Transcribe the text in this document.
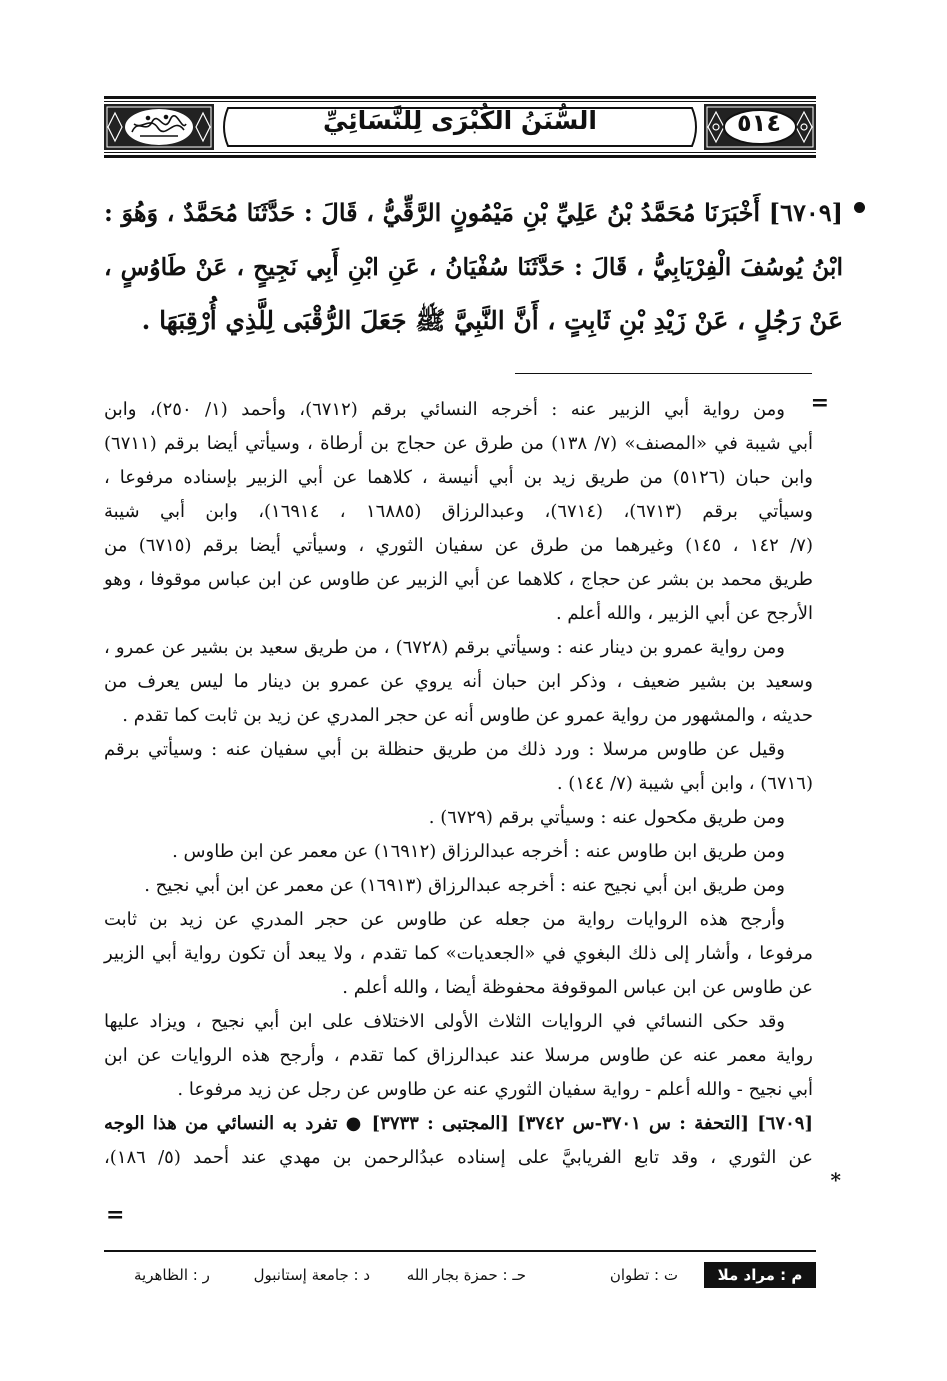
٥١٤
السُّنَنُ الكُبْرَى لِلنَّسَائِيِّ
[٦٧٠٩] أَخْبَرَنَا مُحَمَّدُ بْنُ عَلِيِّ بْنِ مَيْمُونٍ الرَّقِّيُّ ، قَالَ : حَدَّثَنَا مُحَمَّدٌ ، وَهُوَ :
ابْنُ يُوسُفَ الْفِرْيَابِيُّ ، قَالَ : حَدَّثَنَا سُفْيَانُ ، عَنِ ابْنِ أَبِي نَجِيحٍ ، عَنْ طَاوُسٍ ،
عَنْ رَجُلٍ ، عَنْ زَيْدِ بْنِ ثَابِتٍ ، أَنَّ النَّبِيَّ ﷺ جَعَلَ الرُّقْبَى لِلَّذِي أُرْقِبَهَا .
=
ومن رواية أبي الزبير عنه : أخرجه النسائي برقم (٦٧١٢)، وأحمد (١/ ٢٥٠)، وابن
أبي شيبة في «المصنف» (٧/ ١٣٨) من طرق عن حجاج بن أرطاة ، وسيأتي أيضا برقم (٦٧١١)
وابن حبان (٥١٢٦) من طريق زيد بن أبي أنيسة ، كلاهما عن أبي الزبير بإسناده مرفوعا ،
وسيأتي برقم (٦٧١٣)، (٦٧١٤)، وعبدالرزاق (١٦٨٨٥ ، ١٦٩١٤)، وابن أبي شيبة
(٧/ ١٤٢ ، ١٤٥) وغيرهما من طرق عن سفيان الثوري ، وسيأتي أيضا برقم (٦٧١٥) من
طريق محمد بن بشر عن حجاج ، كلاهما عن أبي الزبير عن طاوس عن ابن عباس موقوفا ، وهو
الأرجح عن أبي الزبير ، والله أعلم .
ومن رواية عمرو بن دينار عنه : وسيأتي برقم (٦٧٢٨) ، من طريق سعيد بن بشير عن عمرو ،
وسعيد بن بشير ضعيف ، وذكر ابن حبان أنه يروي عن عمرو بن دينار ما ليس يعرف من
حديثه ، والمشهور من رواية عمرو عن طاوس أنه عن حجر المدري عن زيد بن ثابت كما تقدم .
وقيل عن طاوس مرسلا : ورد ذلك من طريق حنظلة بن أبي سفيان عنه : وسيأتي برقم
(٦٧١٦) ، وابن أبي شيبة (٧/ ١٤٤) .
ومن طريق مكحول عنه : وسيأتي برقم (٦٧٢٩) .
ومن طريق ابن طاوس عنه : أخرجه عبدالرزاق (١٦٩١٢) عن معمر عن ابن طاوس .
ومن طريق ابن أبي نجيح عنه : أخرجه عبدالرزاق (١٦٩١٣) عن معمر عن ابن أبي نجيح .
وأرجح هذه الروايات رواية من جعله عن طاوس عن حجر المدري عن زيد بن ثابت
مرفوعا ، وأشار إلى ذلك البغوي في «الجعديات» كما تقدم ، ولا يبعد أن تكون رواية أبي الزبير
عن طاوس عن ابن عباس الموقوفة محفوظة أيضا ، والله أعلم .
وقد حكى النسائي في الروايات الثلاث الأولى الاختلاف على ابن أبي نجيح ، ويزاد عليها
رواية معمر عنه عن طاوس مرسلا عند عبدالرزاق كما تقدم ، وأرجح هذه الروايات عن ابن
أبي نجيح - والله أعلم - رواية سفيان الثوري عنه عن طاوس عن رجل عن زيد مرفوعا .
[٦٧٠٩] [التحفة : س ٣٧٠١-س ٣٧٤٢] [المجتبى : ٣٧٣٣] ● تفرد به النسائي من هذا الوجه
عن الثوري ، وقد تابع الفريابيَّ على إسناده عبدُالرحمن بن مهدي عند أحمد (٥/ ١٨٦)،
*
=
م : مراد ملا
ت : تطوان
حـ : حمزة بجار الله
د : جامعة إستانبول
ر : الظاهرية
